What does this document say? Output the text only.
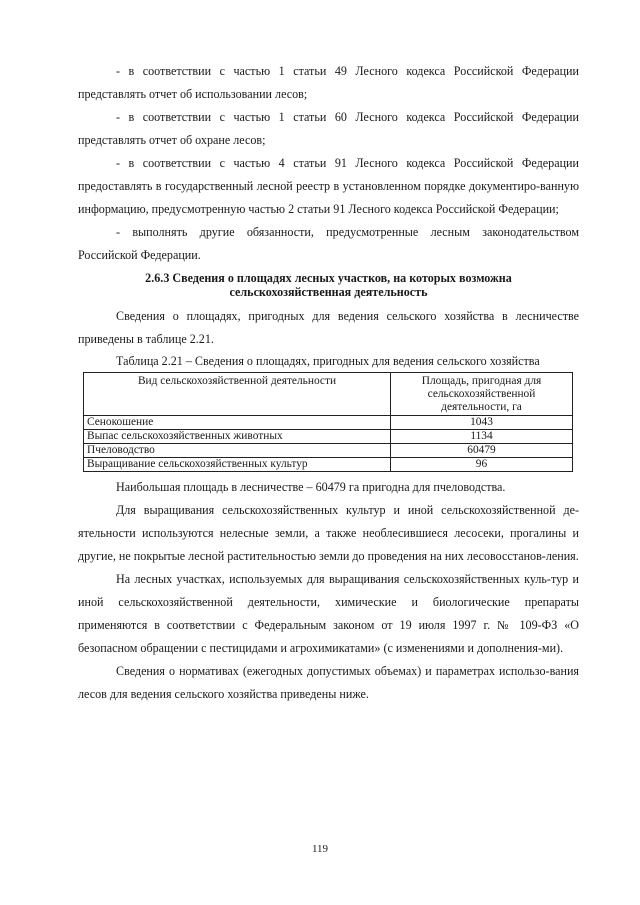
- в соответствии с частью 1 статьи 49 Лесного кодекса Российской Федерации представлять отчет об использовании лесов;

- в соответствии с частью 1 статьи 60 Лесного кодекса Российской Федерации представлять отчет об охране лесов;

- в соответствии с частью 4 статьи 91 Лесного кодекса Российской Федерации предоставлять в государственный лесной реестр в установленном порядке документиро-ванную информацию, предусмотренную частью 2 статьи 91 Лесного кодекса Российской Федерации;

- выполнять другие обязанности, предусмотренные лесным законодательством Российской Федерации.

2.6.3 Сведения о площадях лесных участков, на которых возможна сельскохозяйственная деятельность

Сведения о площадях, пригодных для ведения сельского хозяйства в лесничестве приведены в таблице 2.21.

Таблица 2.21 – Сведения о площадях, пригодных для ведения сельского хозяйства
Вид сельскохозяйственной деятельности	Площадь, пригодная для сельскохозяйственной деятельности, га
Сенокошение	1043
Выпас сельскохозяйственных животных	1134
Пчеловодство	60479
Выращивание сельскохозяйственных культур	96

Наибольшая площадь в лесничестве – 60479 га пригодна для пчеловодства.

Для выращивания сельскохозяйственных культур и иной сельскохозяйственной де-ятельности используются нелесные земли, а также необлесившиеся лесосеки, прогалины и другие, не покрытые лесной растительностью земли до проведения на них лесовосстанов-ления.

На лесных участках, используемых для выращивания сельскохозяйственных куль-тур и иной сельскохозяйственной деятельности, химические и биологические препараты применяются в соответствии с Федеральным законом от 19 июля 1997 г. № 109-ФЗ «О безопасном обращении с пестицидами и агрохимикатами» (с изменениями и дополнения-ми).

Сведения о нормативах (ежегодных допустимых объемах) и параметрах использо-вания лесов для ведения сельского хозяйства приведены ниже.

119
